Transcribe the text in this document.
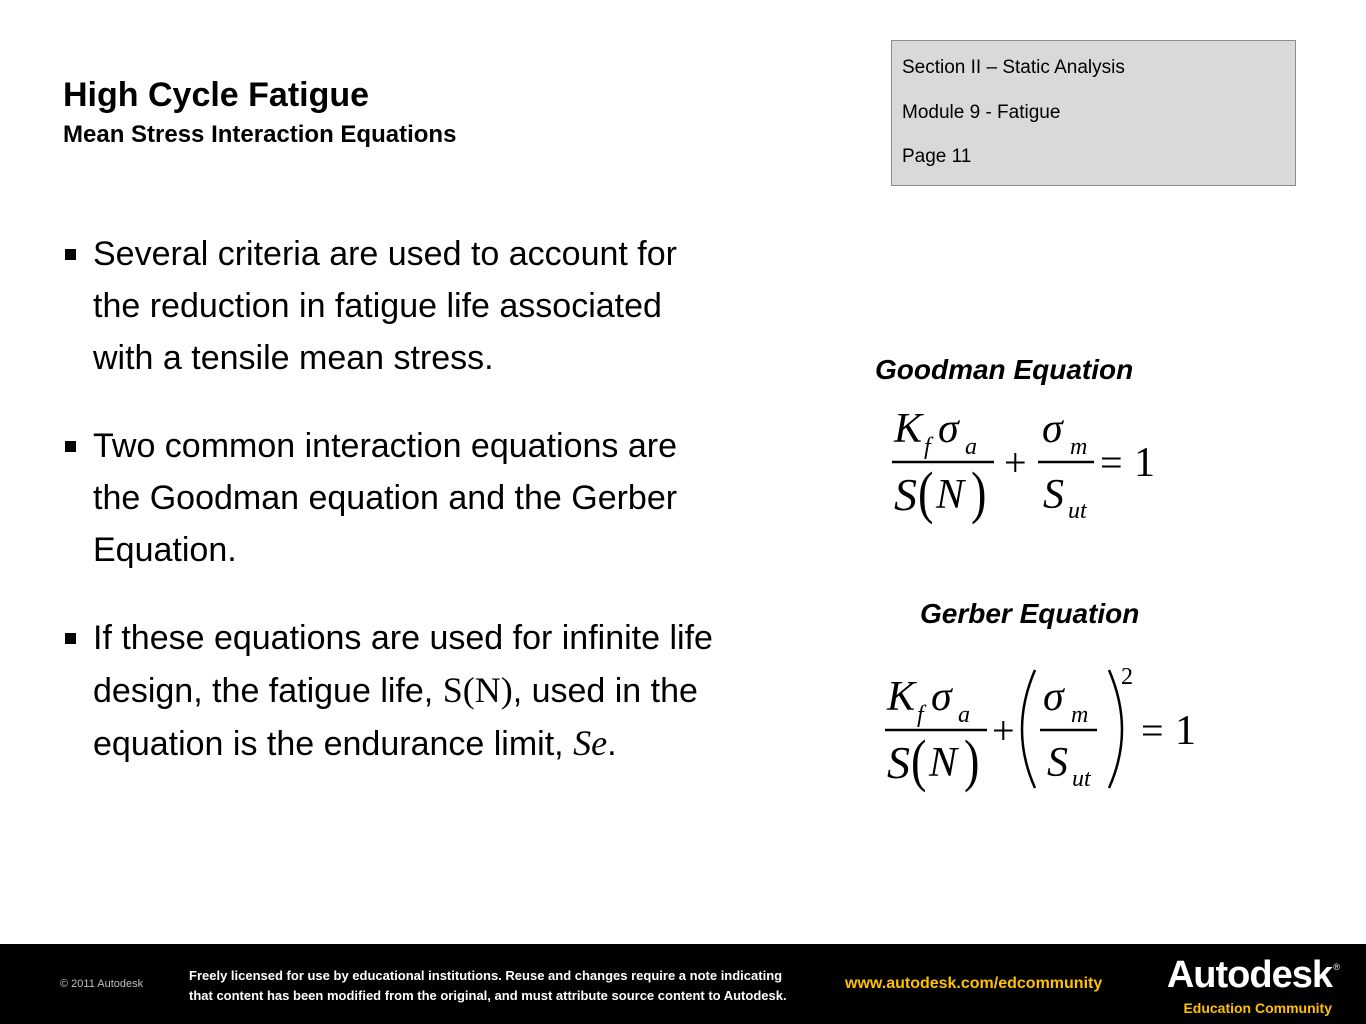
High Cycle Fatigue
Mean Stress Interaction Equations
Section II – Static Analysis
Module 9 - Fatigue
Page 11
Several criteria are used to account for the reduction in fatigue life associated with a tensile mean stress.
Two common interaction equations are the Goodman equation and the Gerber Equation.
If these equations are used for infinite life design, the fatigue life, S(N), used in the equation is the endurance limit, Se.
Goodman Equation
K f σ a
S ( N ) +
σ m
S ut
= 1
Gerber Equation
K f σ a
S ( N ) +
σ m
S ut
2
= 1
© 2011 Autodesk
Freely licensed for use by educational institutions. Reuse and changes require a note indicating
that content has been modified from the original, and must attribute source content to Autodesk.
www.autodesk.com/edcommunity Autodesk ®
Education Community
